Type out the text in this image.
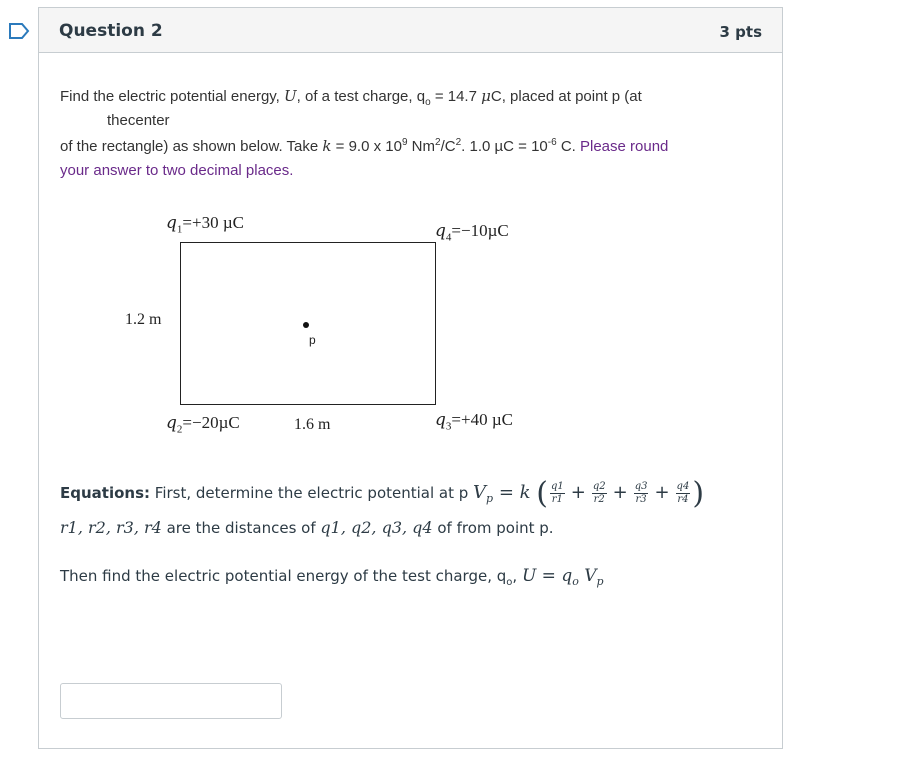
Question 2	3 pts
Find the electric potential energy, U, of a test charge, $q_o = 14.7$ μC, placed at point p (at
thecenter
of the rectangle) as shown below. Take k = 9.0 x $10^9$ $Nm^2/C^2$. 1.0 $\mu C = 10^{-6}$ C. Please round
your answer to two decimal places.
$q_1=+30$ µC	$q_4=-10\mu C$
1.2 m
p
$q_2=-20\mu C$	1.6 m	$q_3=+40$ µC
Equations: First, determine the electric potential at p $V_p = k$ ( $\frac{q1}{r1} + \frac{q2}{r2} + \frac{q3}{r3} + \frac{q4}{r4}$ )
r1, r2, r3, r4 are the distances of q1, q2, q3, q4 of from point p.
Then find the electric potential energy of the test charge, $q_o$, $U = q_o$ $V_p$
